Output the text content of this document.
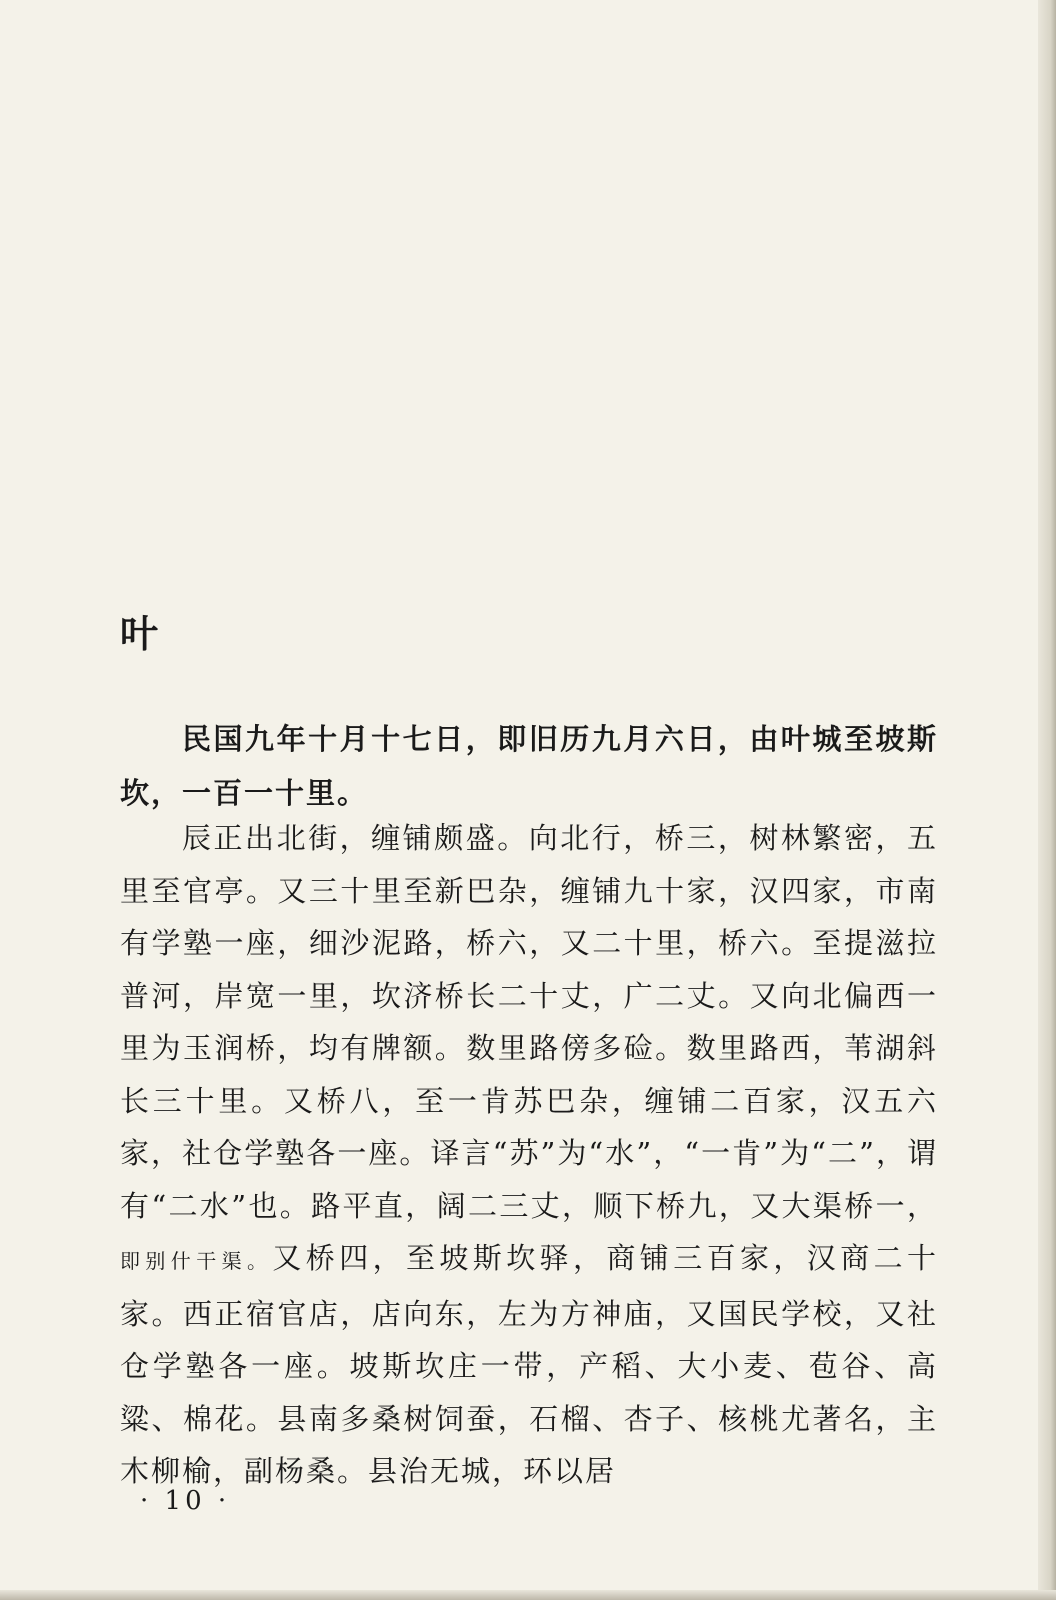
叶

民国九年十月十七日，即旧历九月六日，由叶城至坡斯坎，一百一十里。

辰正出北街，缠铺颇盛。向北行，桥三，树林繁密，五里至官亭。又三十里至新巴杂，缠铺九十家，汉四家，市南有学塾一座，细沙泥路，桥六，又二十里，桥六。至提滋拉普河，岸宽一里，坎济桥长二十丈，广二丈。又向北偏西一里为玉润桥，均有牌额。数里路傍多硷。数里路西，苇湖斜长三十里。又桥八，至一肯苏巴杂，缠铺二百家，汉五六家，社仓学塾各一座。译言“苏”为“水”，“一肯”为“二”，谓有“二水”也。路平直，阔二三丈，顺下桥九，又大渠桥一，即别什干渠。又桥四，至坡斯坎驿，商铺三百家，汉商二十家。西正宿官店，店向东，左为方神庙，又国民学校，又社仓学塾各一座。坡斯坎庄一带，产稻、大小麦、苞谷、高粱、棉花。县南多桑树饲蚕，石榴、杏子、核桃尤著名，主木柳榆，副杨桑。县治无城，环以居

· 10 ·
